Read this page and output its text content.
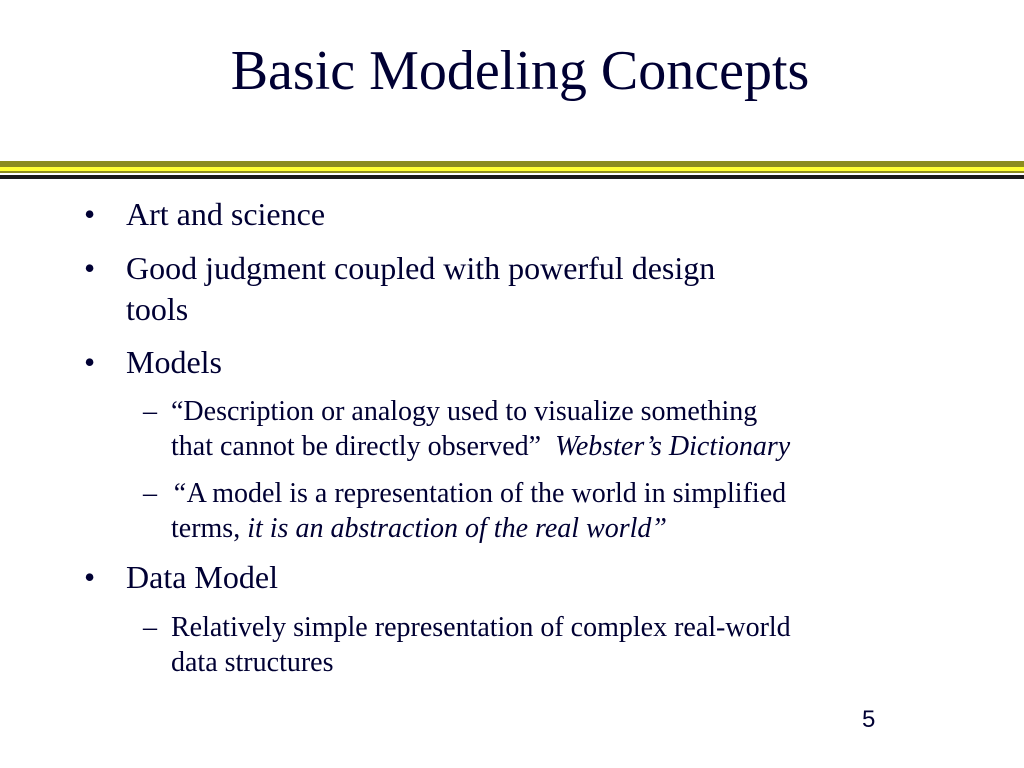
Basic Modeling Concepts
• Art and science
• Good judgment coupled with powerful design
tools
• Models
– “Description or analogy used to visualize something
that cannot be directly observed” Webster’s Dictionary
– “A model is a representation of the world in simplified
terms, it is an abstraction of the real world”
• Data Model
– Relatively simple representation of complex real-world
data structures
5
